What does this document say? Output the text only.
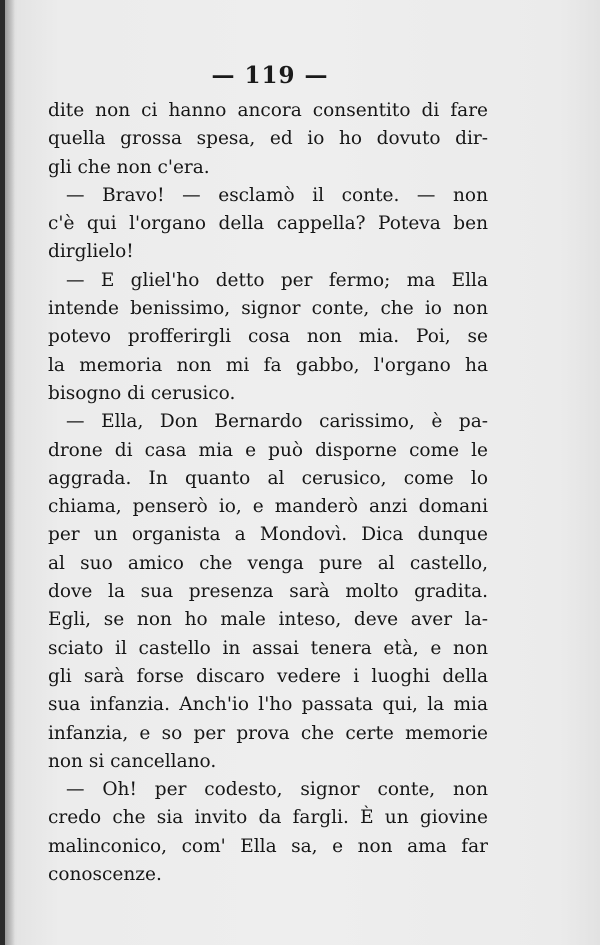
— 119 —
dite non ci hanno ancora consentito di fare
quella grossa spesa, ed io ho dovuto dir-
gli che non c'era.
— Bravo! — esclamò il conte. — non
c'è qui l'organo della cappella? Poteva ben
dirglielo!
— E gliel'ho detto per fermo; ma Ella
intende benissimo, signor conte, che io non
potevo profferirgli cosa non mia. Poi, se
la memoria non mi fa gabbo, l'organo ha
bisogno di cerusico.
— Ella, Don Bernardo carissimo, è pa-
drone di casa mia e può disporne come le
aggrada. In quanto al cerusico, come lo
chiama, penserò io, e manderò anzi domani
per un organista a Mondovì. Dica dunque
al suo amico che venga pure al castello,
dove la sua presenza sarà molto gradita.
Egli, se non ho male inteso, deve aver la-
sciato il castello in assai tenera età, e non
gli sarà forse discaro vedere i luoghi della
sua infanzia. Anch'io l'ho passata qui, la mia
infanzia, e so per prova che certe memorie
non si cancellano.
— Oh! per codesto, signor conte, non
credo che sia invito da fargli. È un giovine
malinconico, com' Ella sa, e non ama far
conoscenze.
